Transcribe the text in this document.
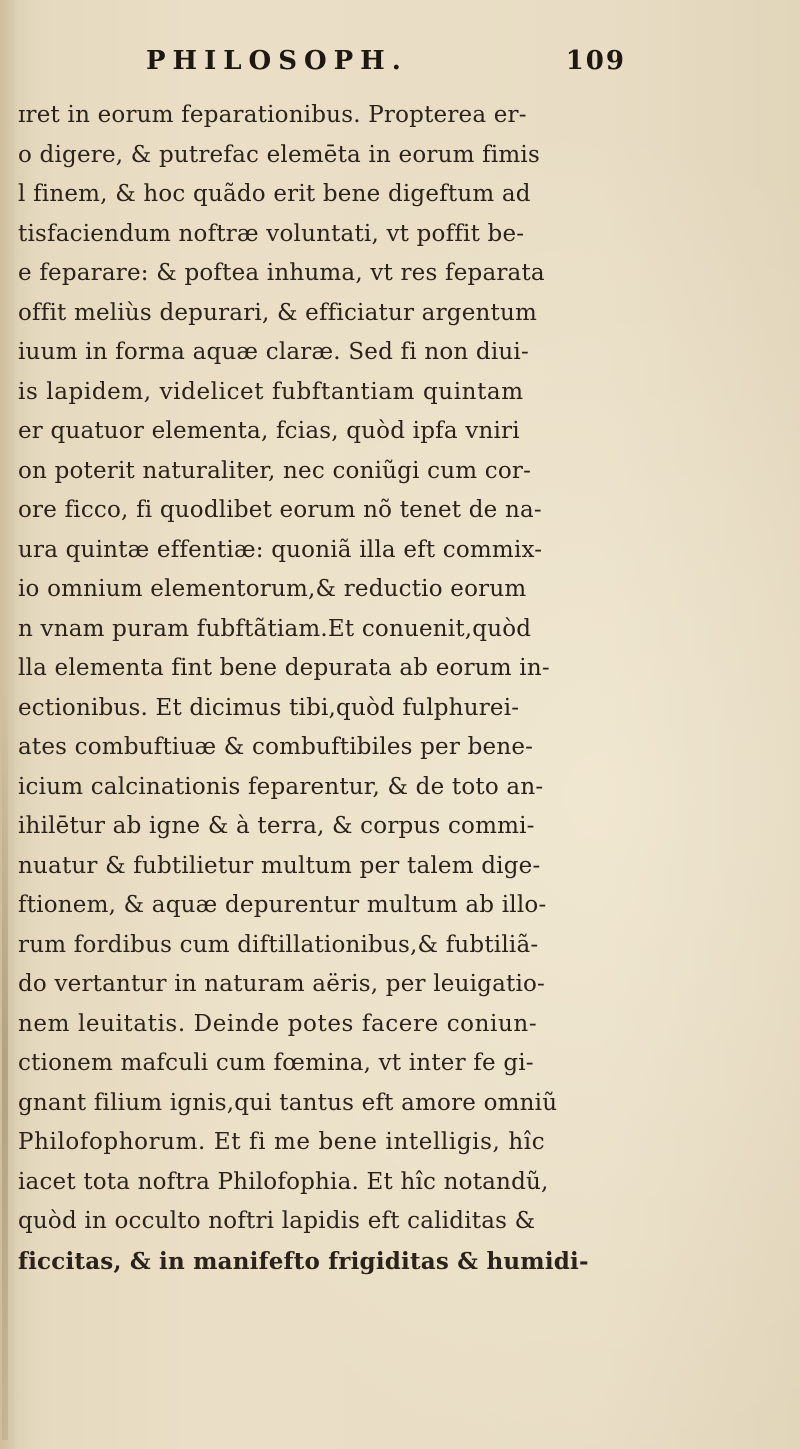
PHILOSOPH.	109
ɪret in eorum feparationibus. Propterea er-
o digere, & putrefac elemēta in eorum fimis
l finem, & hoc quãdo erit bene digeftum ad
tisfaciendum noftræ voluntati, vt poffit be-
e feparare: & poftea inhuma, vt res feparata
offit meliùs depurari, & efficiatur argentum
iuum in forma aquæ claræ. Sed fi non diui-
is lapidem, videlicet fubftantiam quintam
er quatuor elementa, fcias, quòd ipfa vniri
on poterit naturaliter, nec coniũgi cum cor-
ore ficco, fi quodlibet eorum nõ tenet de na-
ura quintæ effentiæ: quoniã illa eft commix-
io omnium elementorum,& reductio eorum
n vnam puram fubftãtiam.Et conuenit,quòd
lla elementa fint bene depurata ab eorum in-
ectionibus. Et dicimus tibi,quòd fulphurei-
ates combuftiuæ & combuftibiles per bene-
icium calcinationis feparentur, & de toto an-
ihilētur ab igne & à terra, & corpus commi-
nuatur & fubtilietur multum per talem dige-
ftionem, & aquæ depurentur multum ab illo-
rum fordibus cum diftillationibus,& fubtiliã-
do vertantur in naturam aëris, per leuigatio-
nem leuitatis. Deinde potes facere coniun-
ctionem mafculi cum fœmina, vt inter fe gi-
gnant filium ignis,qui tantus eft amore omniũ
Philofophorum. Et fi me bene intelligis, hîc
iacet tota noftra Philofophia. Et hîc notandũ,
quòd in occulto noftri lapidis eft caliditas &
ficcitas, & in manifefto frigiditas & humidi-
